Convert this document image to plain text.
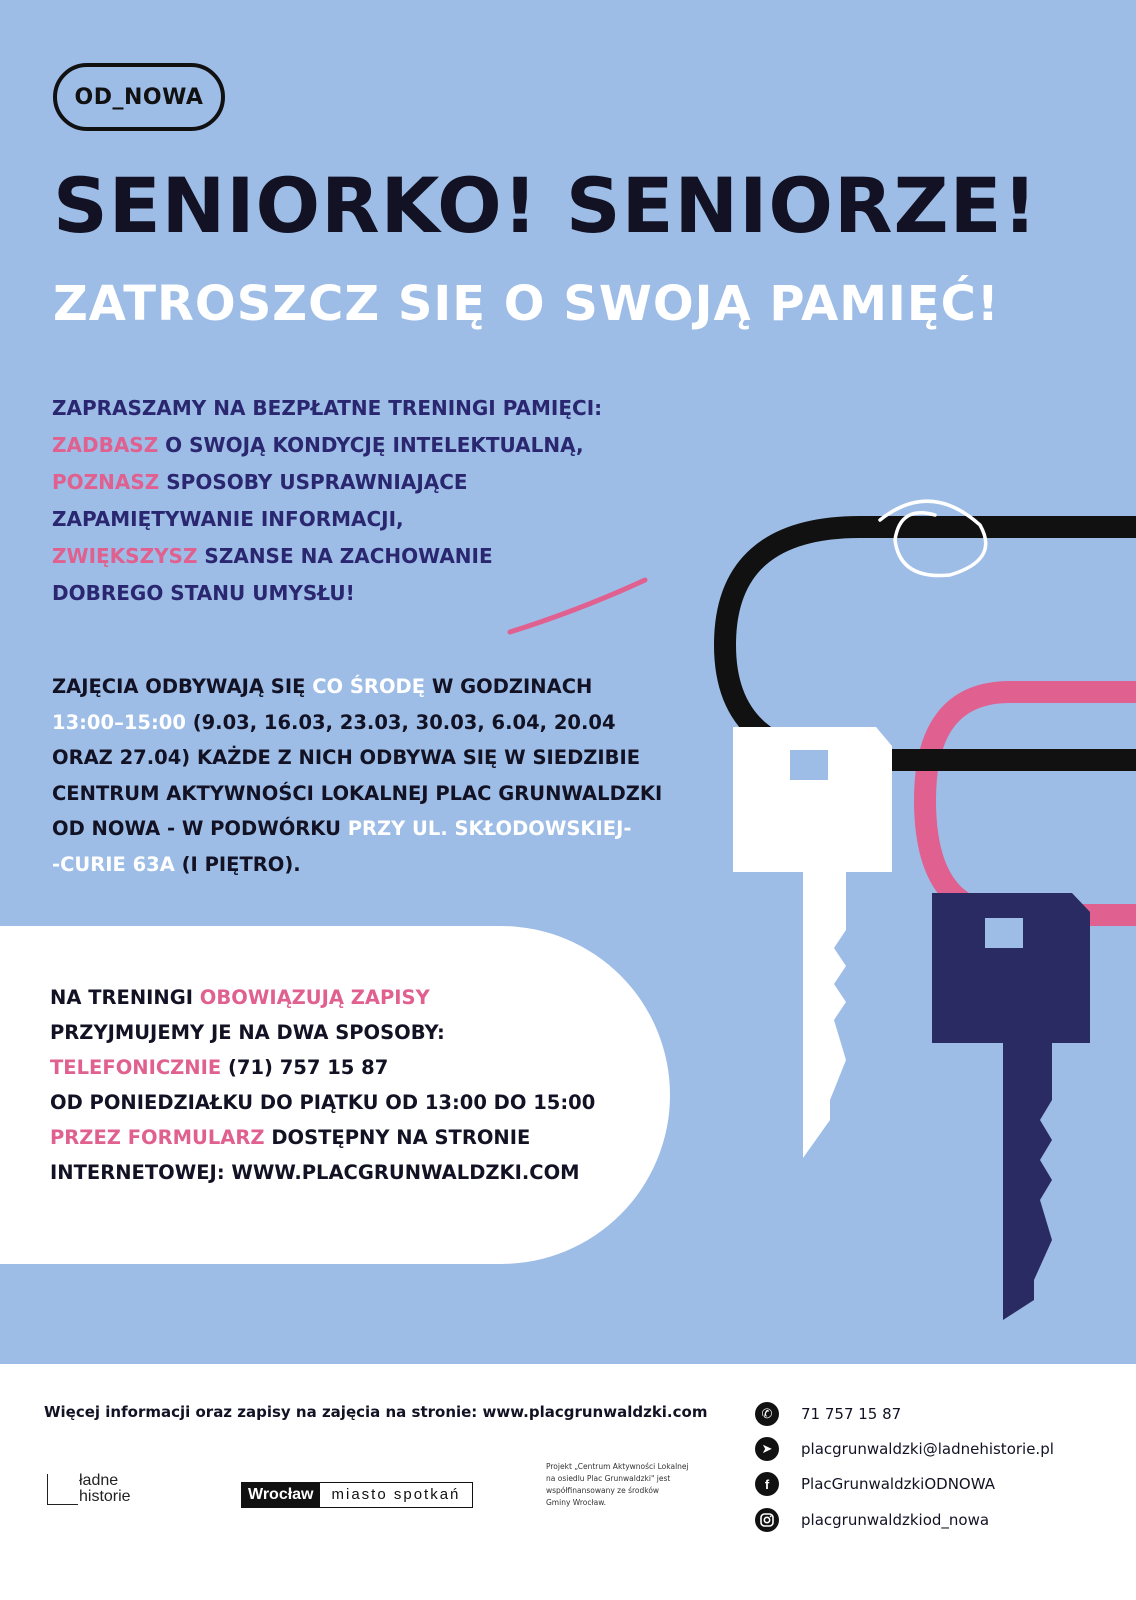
OD_NOWA
SENIORKO! SENIORZE!
ZATROSZCZ SIĘ O SWOJĄ PAMIĘĆ!
ZAPRASZAMY NA BEZPŁATNE TRENINGI PAMIĘCI:
ZADBASZ O SWOJĄ KONDYCJĘ INTELEKTUALNĄ,
POZNASZ SPOSOBY USPRAWNIAJĄCE
ZAPAMIĘTYWANIE INFORMACJI,
ZWIĘKSZYSZ SZANSE NA ZACHOWANIE
DOBREGO STANU UMYSŁU!
ZAJĘCIA ODBYWAJĄ SIĘ CO ŚRODĘ W GODZINACH
13:00–15:00 (9.03, 16.03, 23.03, 30.03, 6.04, 20.04
ORAZ 27.04) KAŻDE Z NICH ODBYWA SIĘ W SIEDZIBIE
CENTRUM AKTYWNOŚCI LOKALNEJ PLAC GRUNWALDZKI
OD NOWA - W PODWÓRKU PRZY UL. SKŁODOWSKIEJ-
-CURIE 63A (I PIĘTRO).
NA TRENINGI OBOWIĄZUJĄ ZAPISY
PRZYJMUJEMY JE NA DWA SPOSOBY:
TELEFONICZNIE (71) 757 15 87
OD PONIEDZIAŁKU DO PIĄTKU OD 13:00 DO 15:00
PRZEZ FORMULARZ DOSTĘPNY NA STRONIE
INTERNETOWEJ: WWW.PLACGRUNWALDZKI.COM
Więcej informacji oraz zapisy na zajęcia na stronie: www.placgrunwaldzki.com	✆	71 757 15 87
➤	placgrunwaldzki@ladnehistorie.pl
f	PlacGrunwaldzkiODNOWA
placgrunwaldzkiod_nowa
Projekt „Centrum Aktywności Lokalnej
na osiedlu Plac Grunwaldzki" jest
współfinansowany ze środków
Gminy Wrocław.
ładne
historie	Wrocław	miasto spotkań
